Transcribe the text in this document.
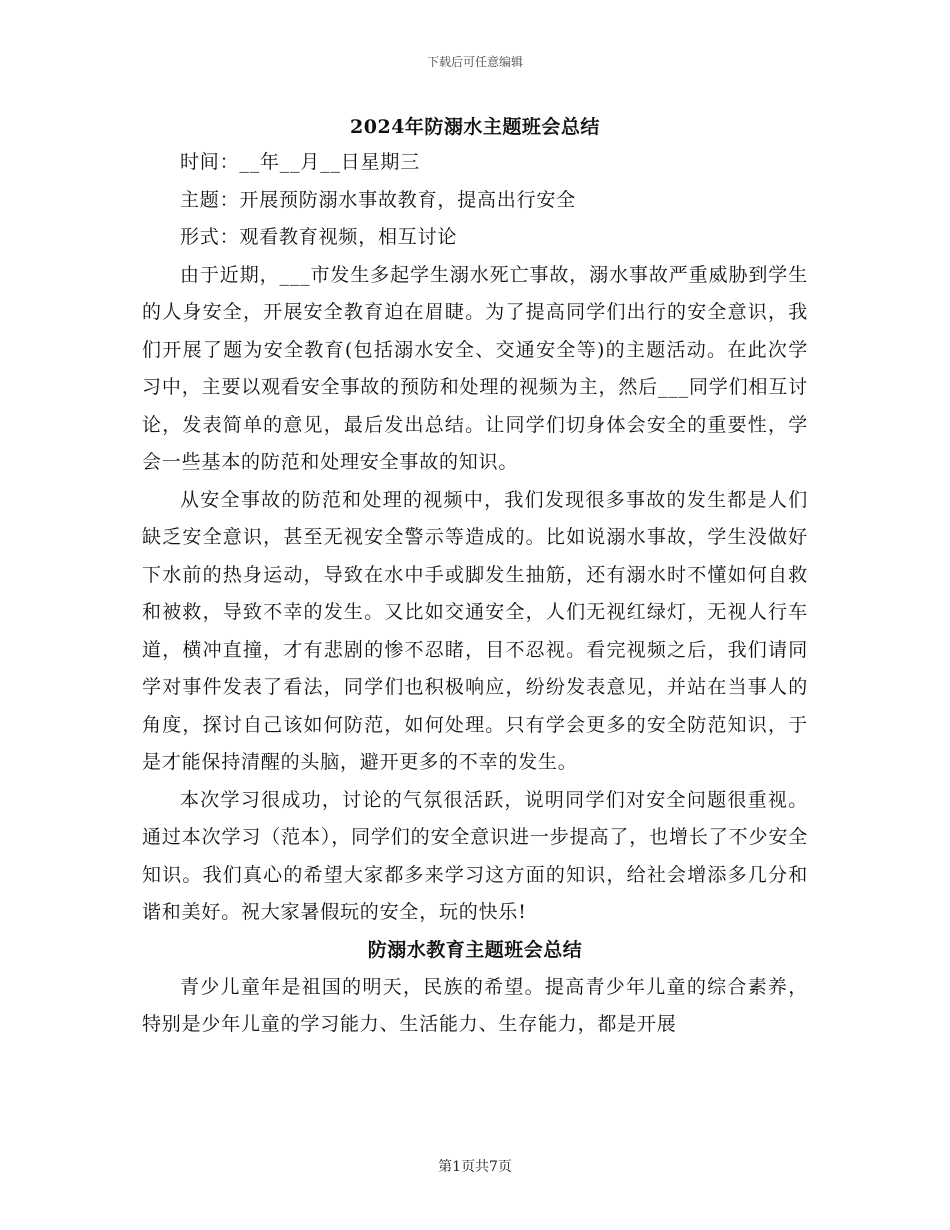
下载后可任意编辑
2024年防溺水主题班会总结

时间：__年__月__日星期三

主题：开展预防溺水事故教育，提高出行安全

形式：观看教育视频，相互讨论

由于近期，___市发生多起学生溺水死亡事故，溺水事故严重威胁到学生的人身安全，开展安全教育迫在眉睫。为了提高同学们出行的安全意识，我们开展了题为安全教育(包括溺水安全、交通安全等)的主题活动。在此次学习中，主要以观看安全事故的预防和处理的视频为主，然后___同学们相互讨论，发表简单的意见，最后发出总结。让同学们切身体会安全的重要性，学会一些基本的防范和处理安全事故的知识。

从安全事故的防范和处理的视频中，我们发现很多事故的发生都是人们缺乏安全意识，甚至无视安全警示等造成的。比如说溺水事故，学生没做好下水前的热身运动，导致在水中手或脚发生抽筋，还有溺水时不懂如何自救和被救，导致不幸的发生。又比如交通安全，人们无视红绿灯，无视人行车道，横冲直撞，才有悲剧的惨不忍睹，目不忍视。看完视频之后，我们请同学对事件发表了看法，同学们也积极响应，纷纷发表意见，并站在当事人的角度，探讨自己该如何防范，如何处理。只有学会更多的安全防范知识，于是才能保持清醒的头脑，避开更多的不幸的发生。

本次学习很成功，讨论的气氛很活跃，说明同学们对安全问题很重视。通过本次学习（范本），同学们的安全意识进一步提高了，也增长了不少安全知识。我们真心的希望大家都多来学习这方面的知识，给社会增添多几分和谐和美好。祝大家暑假玩的安全，玩的快乐!

防溺水教育主题班会总结

青少儿童年是祖国的明天，民族的希望。提高青少年儿童的综合素养，特别是少年儿童的学习能力、生活能力、生存能力，都是开展

第1页共7页
